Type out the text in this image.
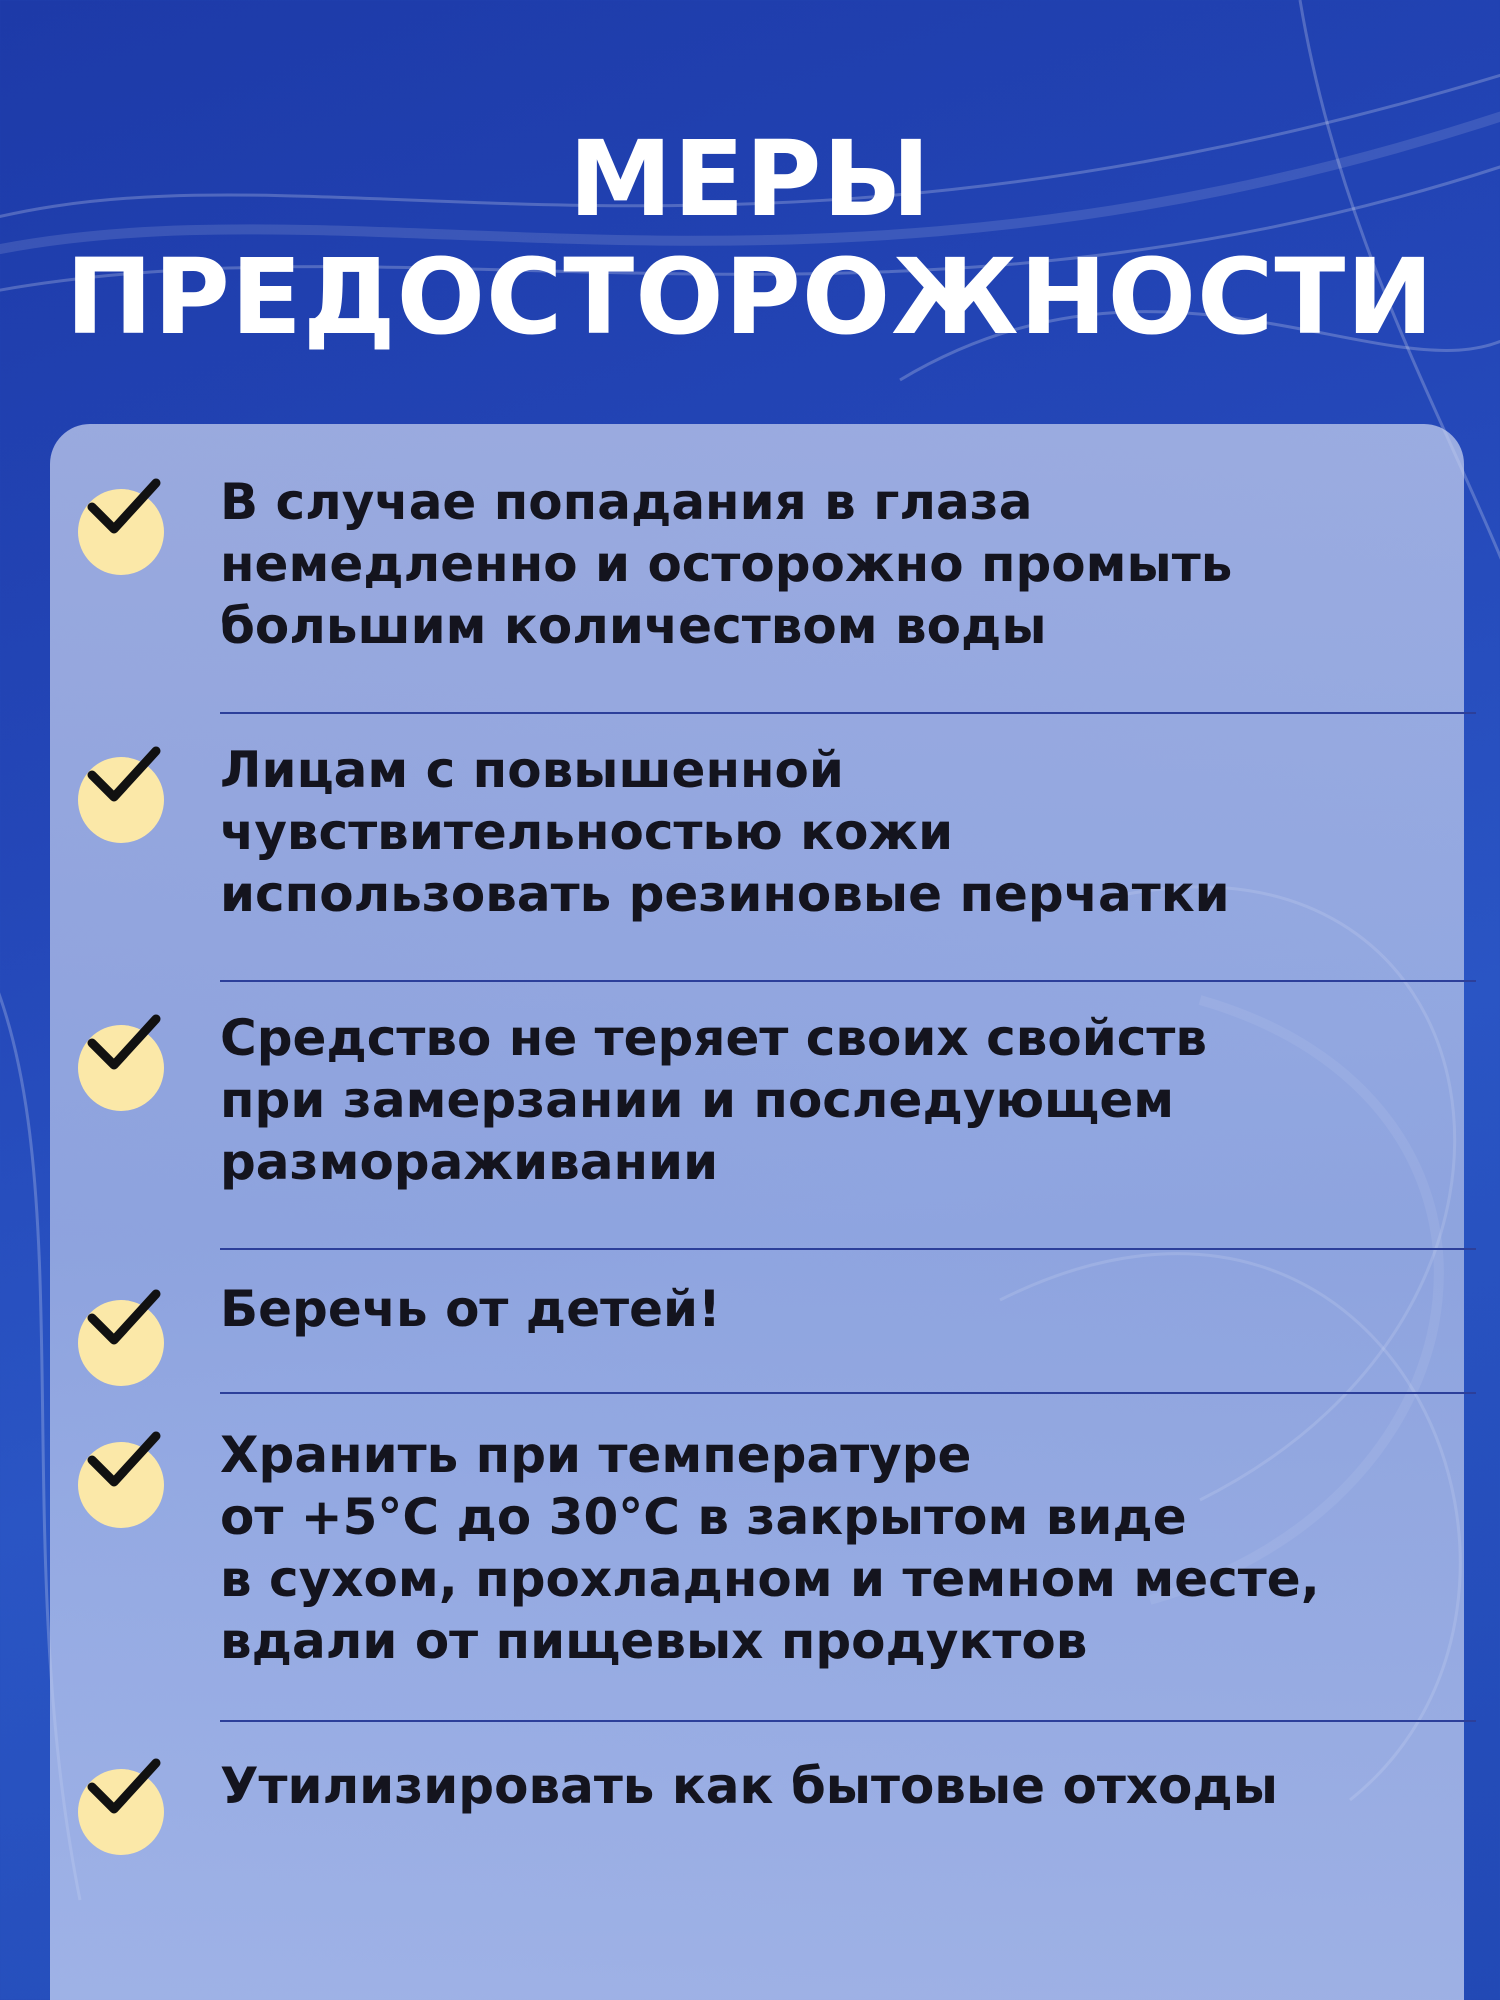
МЕРЫ
ПРЕДОСТОРОЖНОСТИ
В случае попадания в глаза
немедленно и осторожно промыть
большим количеством воды
Лицам с повышенной
чувствительностью кожи
использовать резиновые перчатки
Средство не теряет своих свойств
при замерзании и последующем
размораживании
Беречь от детей!
Хранить при температуре
от +5°С до 30°С в закрытом виде
в сухом, прохладном и темном месте,
вдали от пищевых продуктов
Утилизировать как бытовые отходы
